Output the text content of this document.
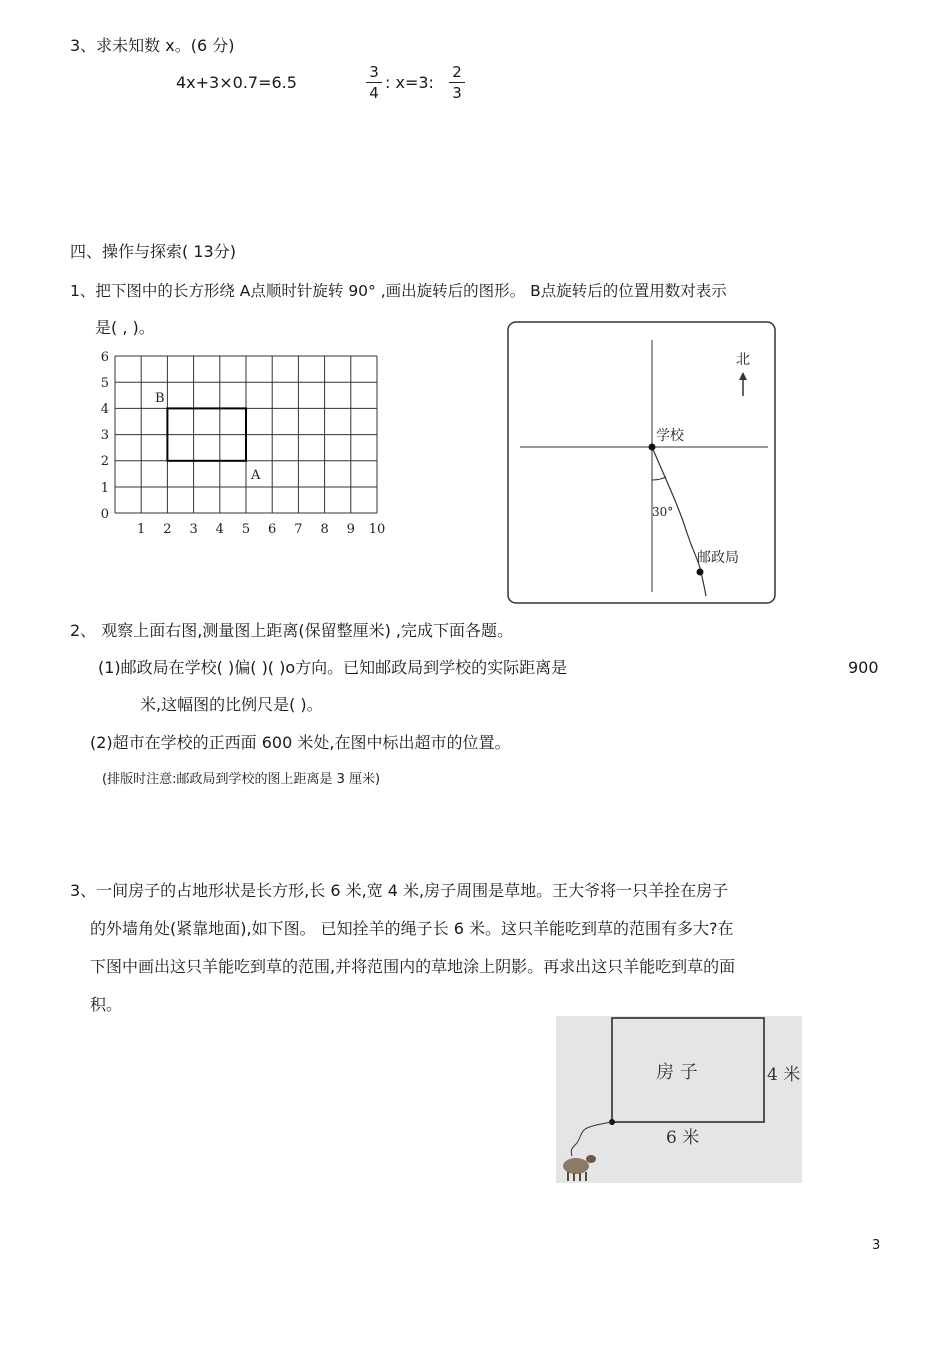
3、求未知数 x。(6 分)
4x+3×0.7=6.5
3
4
: x=3:
2
3
四、操作与探索( 13分)
1、把下图中的长方形绕 A点顺时针旋转 90° ,画出旋转后的图形。 B点旋转后的位置用数对表示
是( , )。
6
5
4
3
2
1
0
1 2 3 4 5 6 7 8 9 10
B
A
北
学校
30°
邮政局
2、 观察上面右图,测量图上距离(保留整厘米) ,完成下面各题。
(1)邮政局在学校( )偏( )( )o方向。已知邮政局到学校的实际距离是	900
米,这幅图的比例尺是( )。
(2)超市在学校的正西面 600 米处,在图中标出超市的位置。
(排版时注意:邮政局到学校的图上距离是 3 厘米)
3、一间房子的占地形状是长方形,长 6 米,宽 4 米,房子周围是草地。王大爷将一只羊拴在房子
的外墙角处(紧靠地面),如下图。 已知拴羊的绳子长 6 米。这只羊能吃到草的范围有多大?在
下图中画出这只羊能吃到草的范围,并将范围内的草地涂上阴影。再求出这只羊能吃到草的面
积。
房 子	4 米
6 米
3
